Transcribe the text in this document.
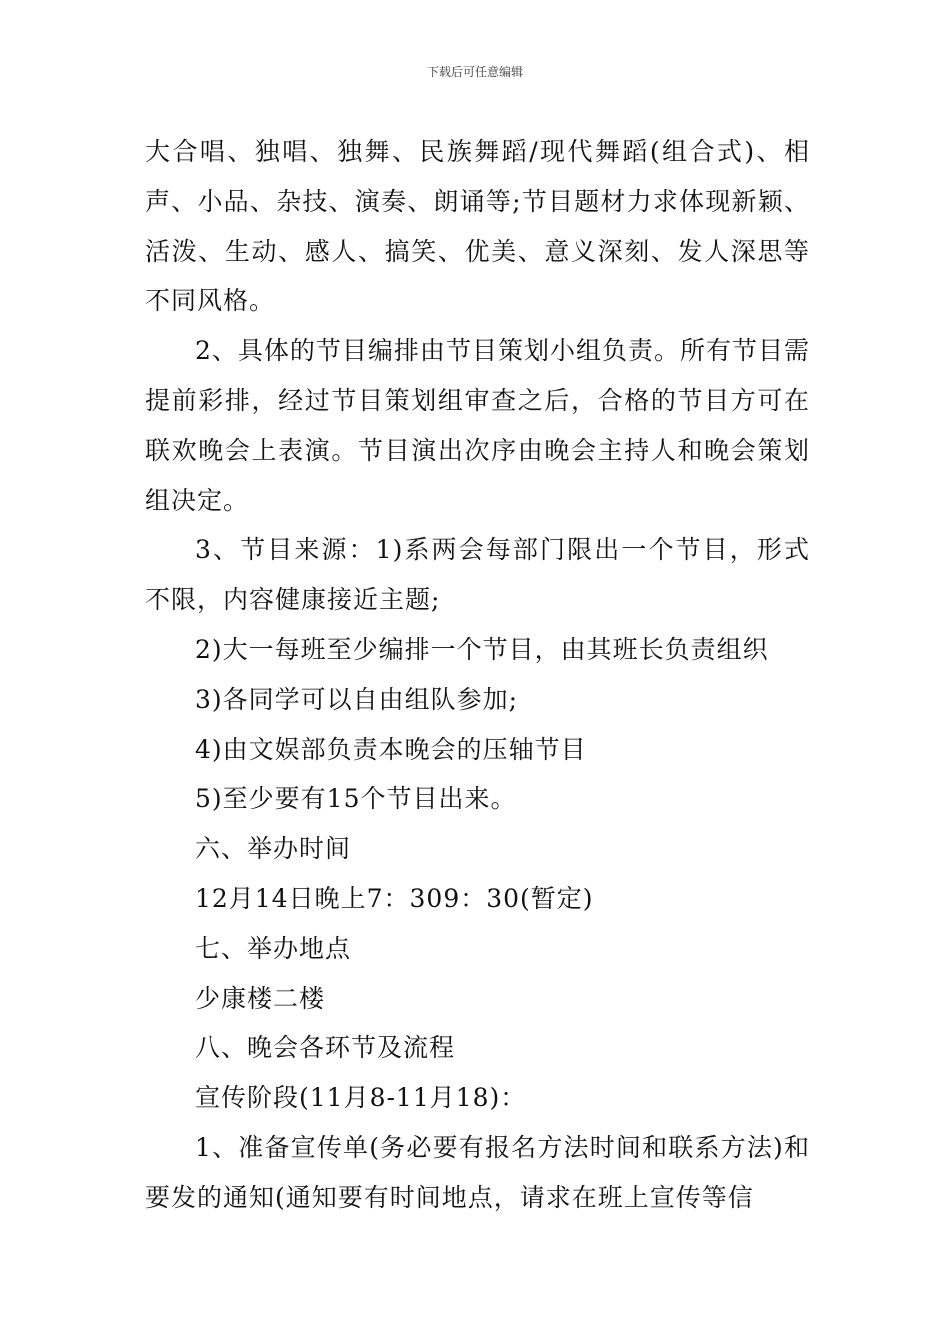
下载后可任意编辑

大合唱、独唱、独舞、民族舞蹈/现代舞蹈(组合式)、相声、小品、杂技、演奏、朗诵等;节目题材力求体现新颖、活泼、生动、感人、搞笑、优美、意义深刻、发人深思等不同风格。

2、具体的节目编排由节目策划小组负责。所有节目需提前彩排，经过节目策划组审查之后，合格的节目方可在联欢晚会上表演。节目演出次序由晚会主持人和晚会策划组决定。

3、节目来源：1)系两会每部门限出一个节目，形式不限，内容健康接近主题;

2)大一每班至少编排一个节目，由其班长负责组织

3)各同学可以自由组队参加;

4)由文娱部负责本晚会的压轴节目

5)至少要有15个节目出来。

六、举办时间

12月14日晚上7：309：30(暂定)

七、举办地点

少康楼二楼

八、晚会各环节及流程

宣传阶段(11月8-11月18)：

1、准备宣传单(务必要有报名方法时间和联系方法)和要发的通知(通知要有时间地点，请求在班上宣传等信
